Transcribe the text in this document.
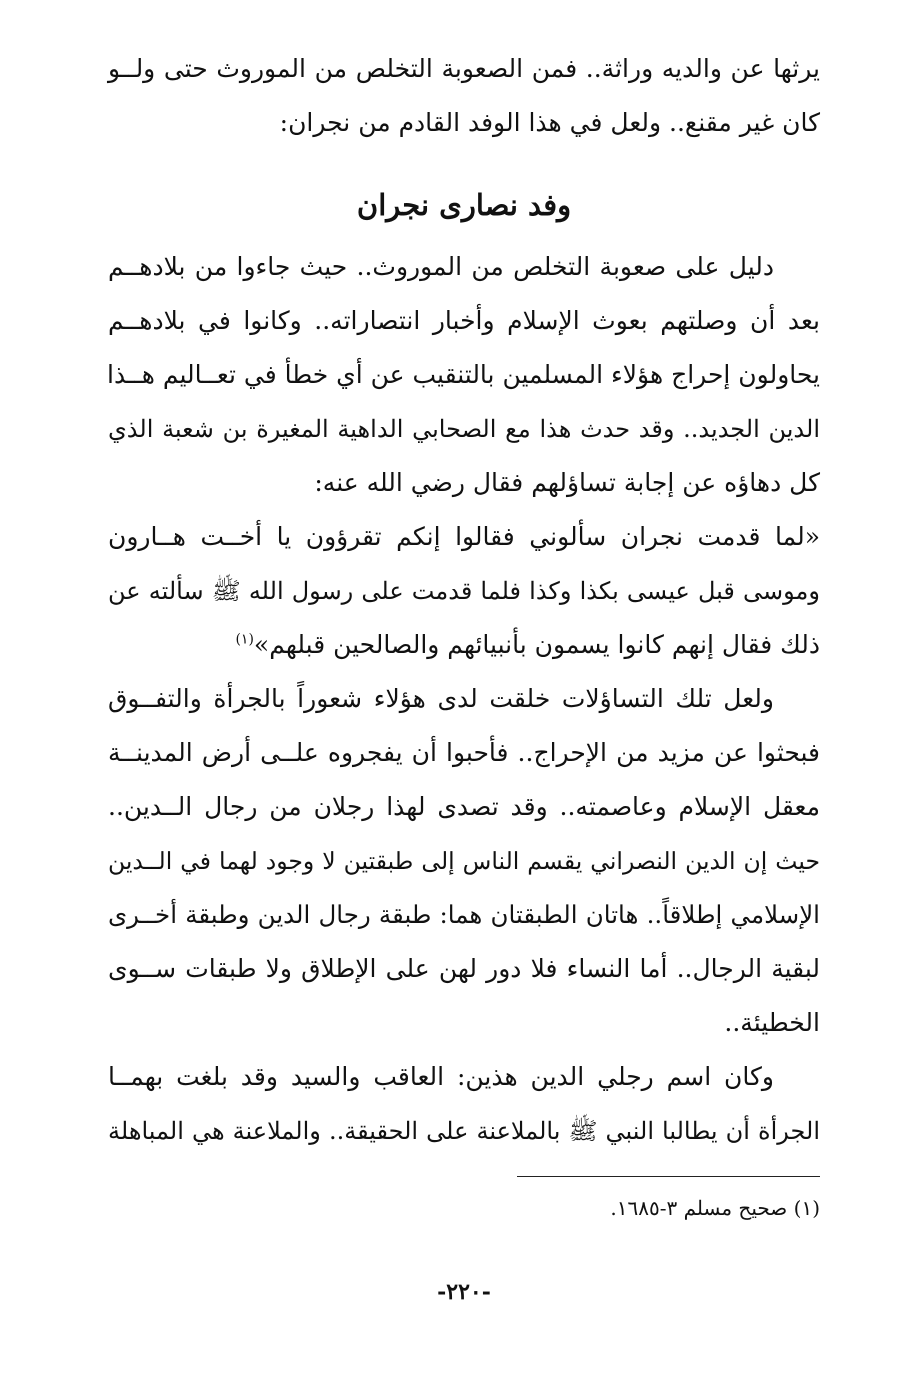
يرثها عن والديه وراثة.. فمن الصعوبة التخلص من الموروث حتى ولــو
كان غير مقنع.. ولعل في هذا الوفد القادم من نجران:
وفد نصارى نجران
دليل على صعوبة التخلص من الموروث.. حيث جاءوا من بلادهــم
بعد أن وصلتهم بعوث الإسلام وأخبار انتصاراته.. وكانوا في بلادهــم
يحاولون إحراج هؤلاء المسلمين بالتنقيب عن أي خطأ في تعــاليم هــذا
الدين الجديد.. وقد حدث هذا مع الصحابي الداهية المغيرة بن شعبة الذي
كل دهاؤه عن إجابة تساؤلهم فقال رضي الله عنه:
«لما قدمت نجران سألوني فقالوا إنكم تقرؤون يا أخــت هــارون
وموسى قبل عيسى بكذا وكذا فلما قدمت على رسول الله ﷺ سألته عن
ذلك فقال إنهم كانوا يسمون بأنبيائهم والصالحين قبلهم»$^{(١)}$
ولعل تلك التساؤلات خلقت لدى هؤلاء شعوراً بالجرأة والتفــوق
فبحثوا عن مزيد من الإحراج.. فأحبوا أن يفجروه علــى أرض المدينــة
معقل الإسلام وعاصمته.. وقد تصدى لهذا رجلان من رجال الــدين..
حيث إن الدين النصراني يقسم الناس إلى طبقتين لا وجود لهما في الــدين
الإسلامي إطلاقاً.. هاتان الطبقتان هما: طبقة رجال الدين وطبقة أخــرى
لبقية الرجال.. أما النساء فلا دور لهن على الإطلاق ولا طبقات ســوى
الخطيئة..
وكان اسم رجلي الدين هذين: العاقب والسيد وقد بلغت بهمــا
الجرأة أن يطالبا النبي ﷺ بالملاعنة على الحقيقة.. والملاعنة هي المباهلة
(١) صحيح مسلم ٣-١٦٨٥.
-٢٢٠-
